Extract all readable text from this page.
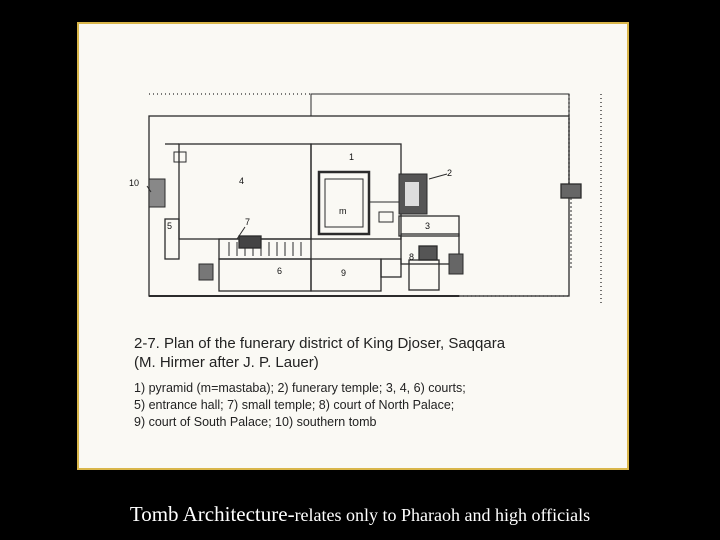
1
2
3
4
5
6
7
8
9
10
m
2-7. Plan of the funerary district of King Djoser, Saqqara
(M. Hirmer after J. P. Lauer)
1) pyramid (m=mastaba); 2) funerary temple; 3, 4, 6) courts;
5) entrance hall; 7) small temple; 8) court of North Palace;
9) court of South Palace; 10) southern tomb
Tomb Architecture-relates only to Pharaoh and high officials
